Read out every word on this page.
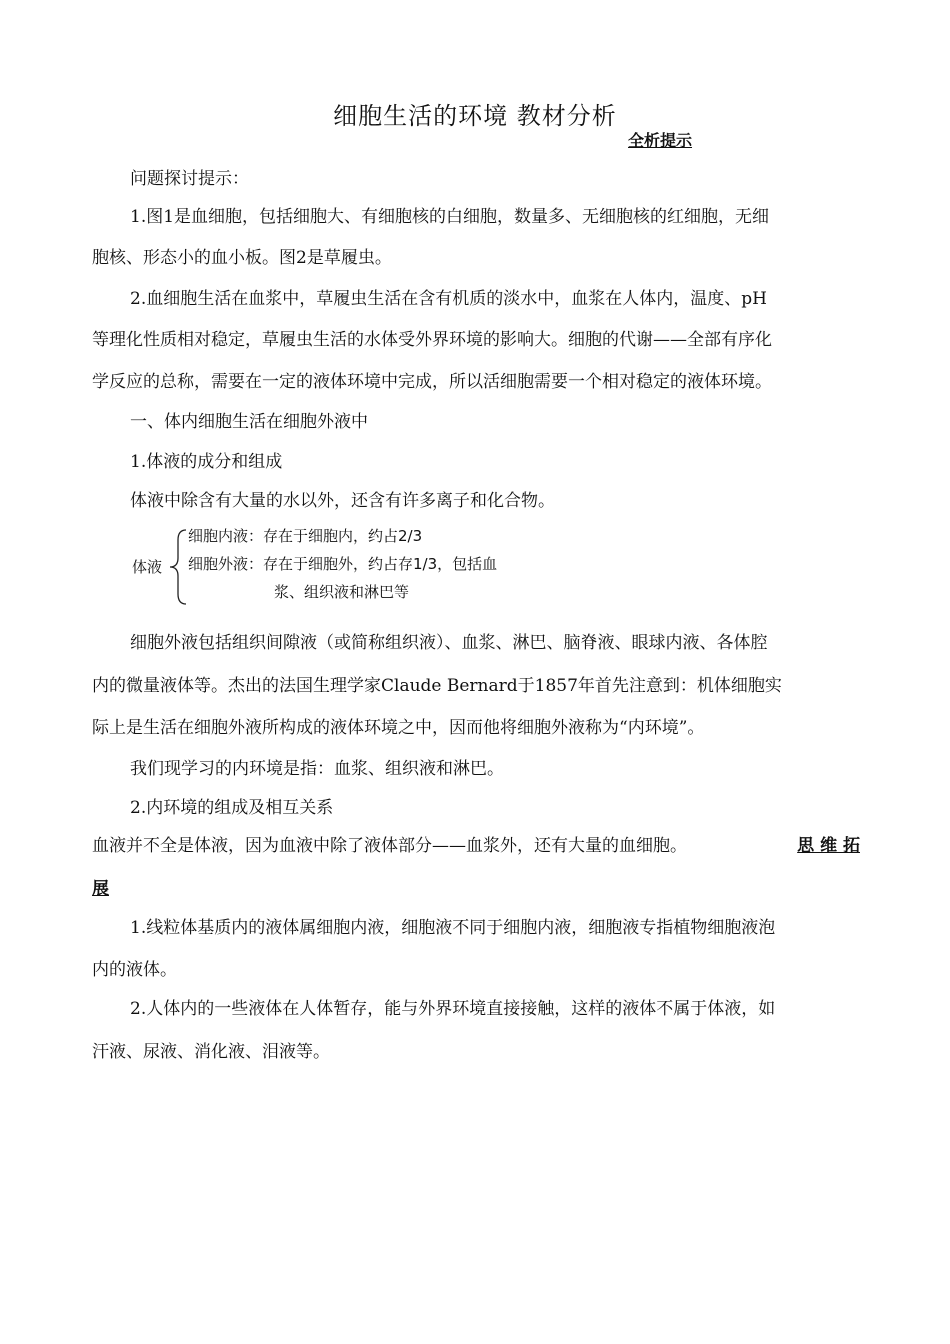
细胞生活的环境 教材分析
全析提示
问题探讨提示：
1.图1是血细胞，包括细胞大、有细胞核的白细胞，数量多、无细胞核的红细胞，无细
胞核、形态小的血小板。图2是草履虫。
2.血细胞生活在血浆中，草履虫生活在含有机质的淡水中，血浆在人体内，温度、pH
等理化性质相对稳定，草履虫生活的水体受外界环境的影响大。细胞的代谢——全部有序化
学反应的总称，需要在一定的液体环境中完成，所以活细胞需要一个相对稳定的液体环境。
一、体内细胞生活在细胞外液中
1.体液的成分和组成
体液中除含有大量的水以外，还含有许多离子和化合物。
体液
细胞内液：存在于细胞内，约占2/3
细胞外液：存在于细胞外，约占存1/3，包括血
浆、组织液和淋巴等
细胞外液包括组织间隙液（或简称组织液）、血浆、淋巴、脑脊液、眼球内液、各体腔
内的微量液体等。杰出的法国生理学家Claude Bernard于1857年首先注意到：机体细胞实
际上是生活在细胞外液所构成的液体环境之中，因而他将细胞外液称为“内环境”。
我们现学习的内环境是指：血浆、组织液和淋巴。
2.内环境的组成及相互关系
血液并不全是体液，因为血液中除了液体部分——血浆外，还有大量的血细胞。	思 维 拓
展
1.线粒体基质内的液体属细胞内液，细胞液不同于细胞内液，细胞液专指植物细胞液泡
内的液体。
2.人体内的一些液体在人体暂存，能与外界环境直接接触，这样的液体不属于体液，如
汗液、尿液、消化液、泪液等。
